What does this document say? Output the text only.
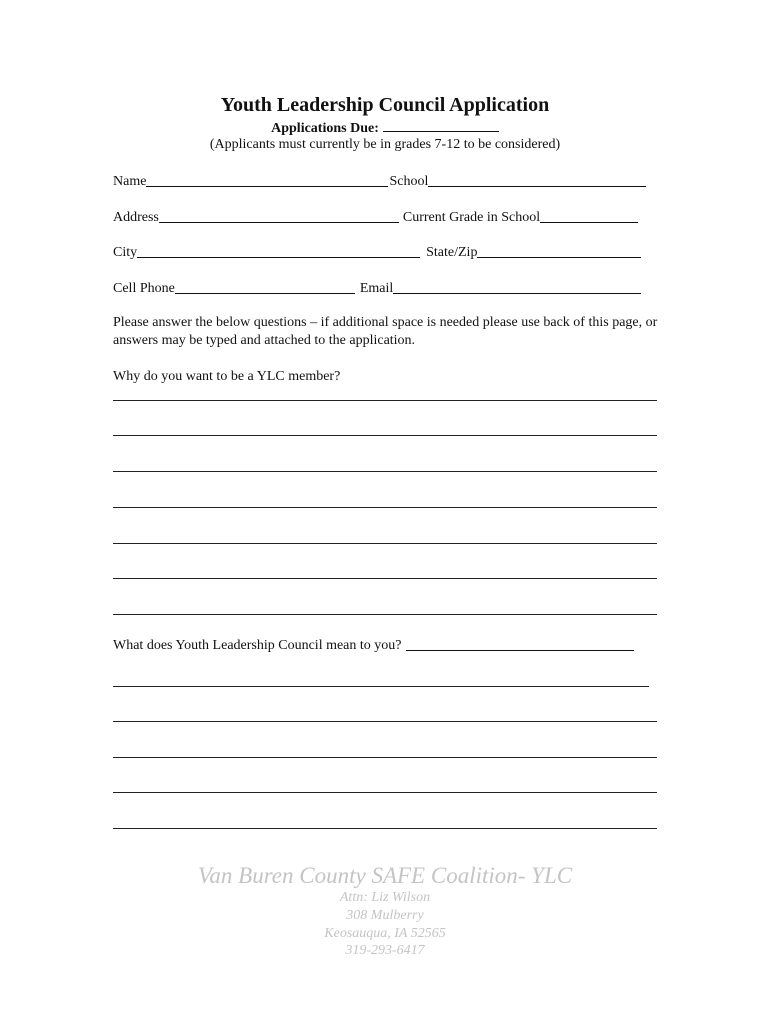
Youth Leadership Council Application
Applications Due:
(Applicants must currently be in grades 7-12 to be considered)
Name	School
Address	Current Grade in School
City	State/Zip
Cell Phone	Email
Please answer the below questions – if additional space is needed please use back of this page, or answers may be typed and attached to the application.
Why do you want to be a YLC member?
What does Youth Leadership Council mean to you?
Van Buren County SAFE Coalition- YLC
Attn: Liz Wilson
308 Mulberry
Keosauqua, IA 52565
319-293-6417
